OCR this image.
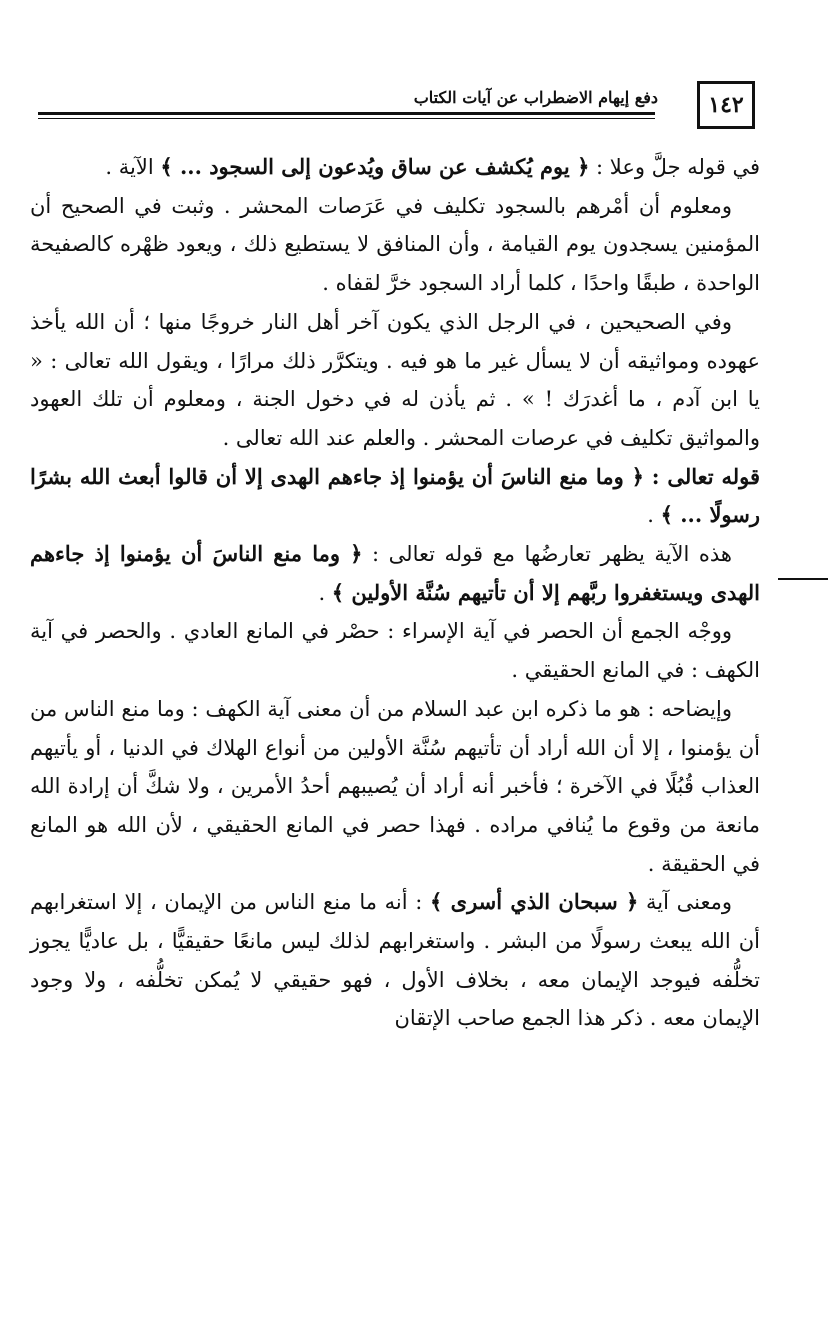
١٤٢
دفع إيهام الاضطراب عن آيات الكتاب

في قوله جلَّ وعلا : ﴿ يوم يُكشف عن ساق ويُدعون إلى السجود ... ﴾ الآية .

ومعلوم أن أمْرهم بالسجود تكليف في عَرَصات المحشر . وثبت في الصحيح أن المؤمنين يسجدون يوم القيامة ، وأن المنافق لا يستطيع ذلك ، ويعود ظهْره كالصفيحة الواحدة ، طبقًا واحدًا ، كلما أراد السجود خرَّ لقفاه .

وفي الصحيحين ، في الرجل الذي يكون آخر أهل النار خروجًا منها ؛ أن الله يأخذ عهوده ومواثيقه أن لا يسأل غير ما هو فيه . ويتكرَّر ذلك مرارًا ، ويقول الله تعالى : « يا ابن آدم ، ما أغدرَك ! » . ثم يأذن له في دخول الجنة ، ومعلوم أن تلك العهود والمواثيق تكليف في عرصات المحشر . والعلم عند الله تعالى .

قوله تعالى : ﴿ وما منع الناسَ أن يؤمنوا إذ جاءهم الهدى إلا أن قالوا أبعث الله بشرًا رسولًا ... ﴾ .

هذه الآية يظهر تعارضُها مع قوله تعالى : ﴿ وما منع الناسَ أن يؤمنوا إذ جاءهم الهدى ويستغفروا ربَّهم إلا أن تأتيهم سُنَّة الأولين ﴾ .

ووجْه الجمع أن الحصر في آية الإسراء : حصْر في المانع العادي . والحصر في آية الكهف : في المانع الحقيقي .

وإيضاحه : هو ما ذكره ابن عبد السلام من أن معنى آية الكهف : وما منع الناس من أن يؤمنوا ، إلا أن الله أراد أن تأتيهم سُنَّة الأولين من أنواع الهلاك في الدنيا ، أو يأتيهم العذاب قُبُلًا في الآخرة ؛ فأخبر أنه أراد أن يُصيبهم أحدُ الأمرين ، ولا شكَّ أن إرادة الله مانعة من وقوع ما يُنافي مراده . فهذا حصر في المانع الحقيقي ، لأن الله هو المانع في الحقيقة .

ومعنى آية ﴿ سبحان الذي أسرى ﴾ : أنه ما منع الناس من الإيمان ، إلا استغرابهم أن الله يبعث رسولًا من البشر . واستغرابهم لذلك ليس مانعًا حقيقيًّا ، بل عاديًّا يجوز تخلُّفه فيوجد الإيمان معه ، بخلاف الأول ، فهو حقيقي لا يُمكن تخلُّفه ، ولا وجود الإيمان معه . ذكر هذا الجمع صاحب الإتقان
